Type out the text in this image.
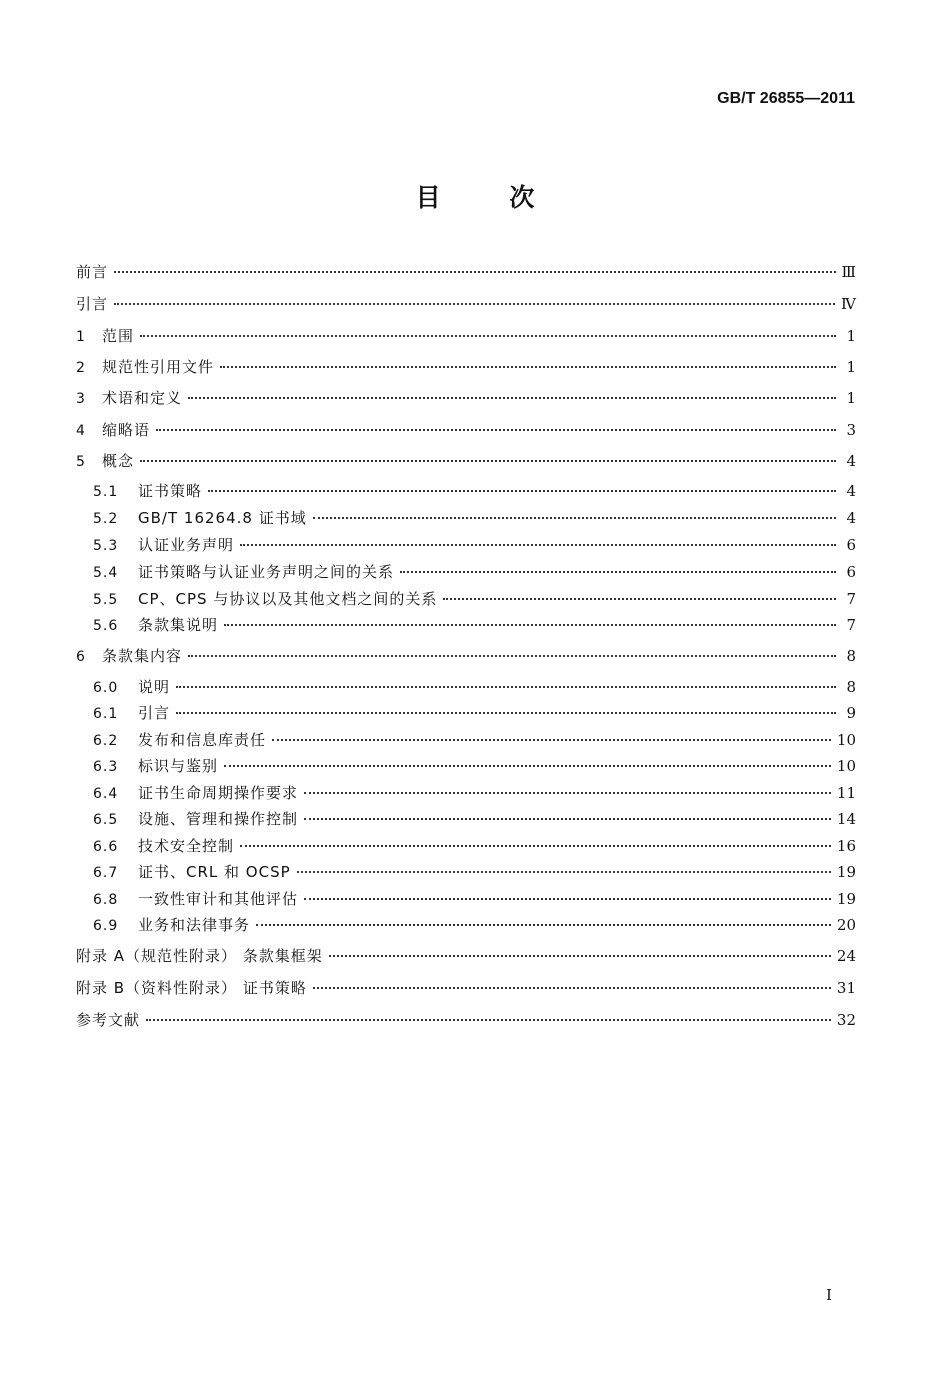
GB/T 26855—2011
目	次
前言	Ⅲ
引言	Ⅳ
1	范围	1
2	规范性引用文件	1
3	术语和定义	1
4	缩略语	3
5	概念	4
5.1	证书策略	4
5.2	GB/T 16264.8 证书域	4
5.3	认证业务声明	6
5.4	证书策略与认证业务声明之间的关系	6
5.5	CP、CPS 与协议以及其他文档之间的关系	7
5.6	条款集说明	7
6	条款集内容	8
6.0	说明	8
6.1	引言	9
6.2	发布和信息库责任	10
6.3	标识与鉴别	10
6.4	证书生命周期操作要求	11
6.5	设施、管理和操作控制	14
6.6	技术安全控制	16
6.7	证书、CRL 和 OCSP	19
6.8	一致性审计和其他评估	19
6.9	业务和法律事务	20
附录 A（规范性附录） 条款集框架	24
附录 B（资料性附录） 证书策略	31
参考文献	32
I
